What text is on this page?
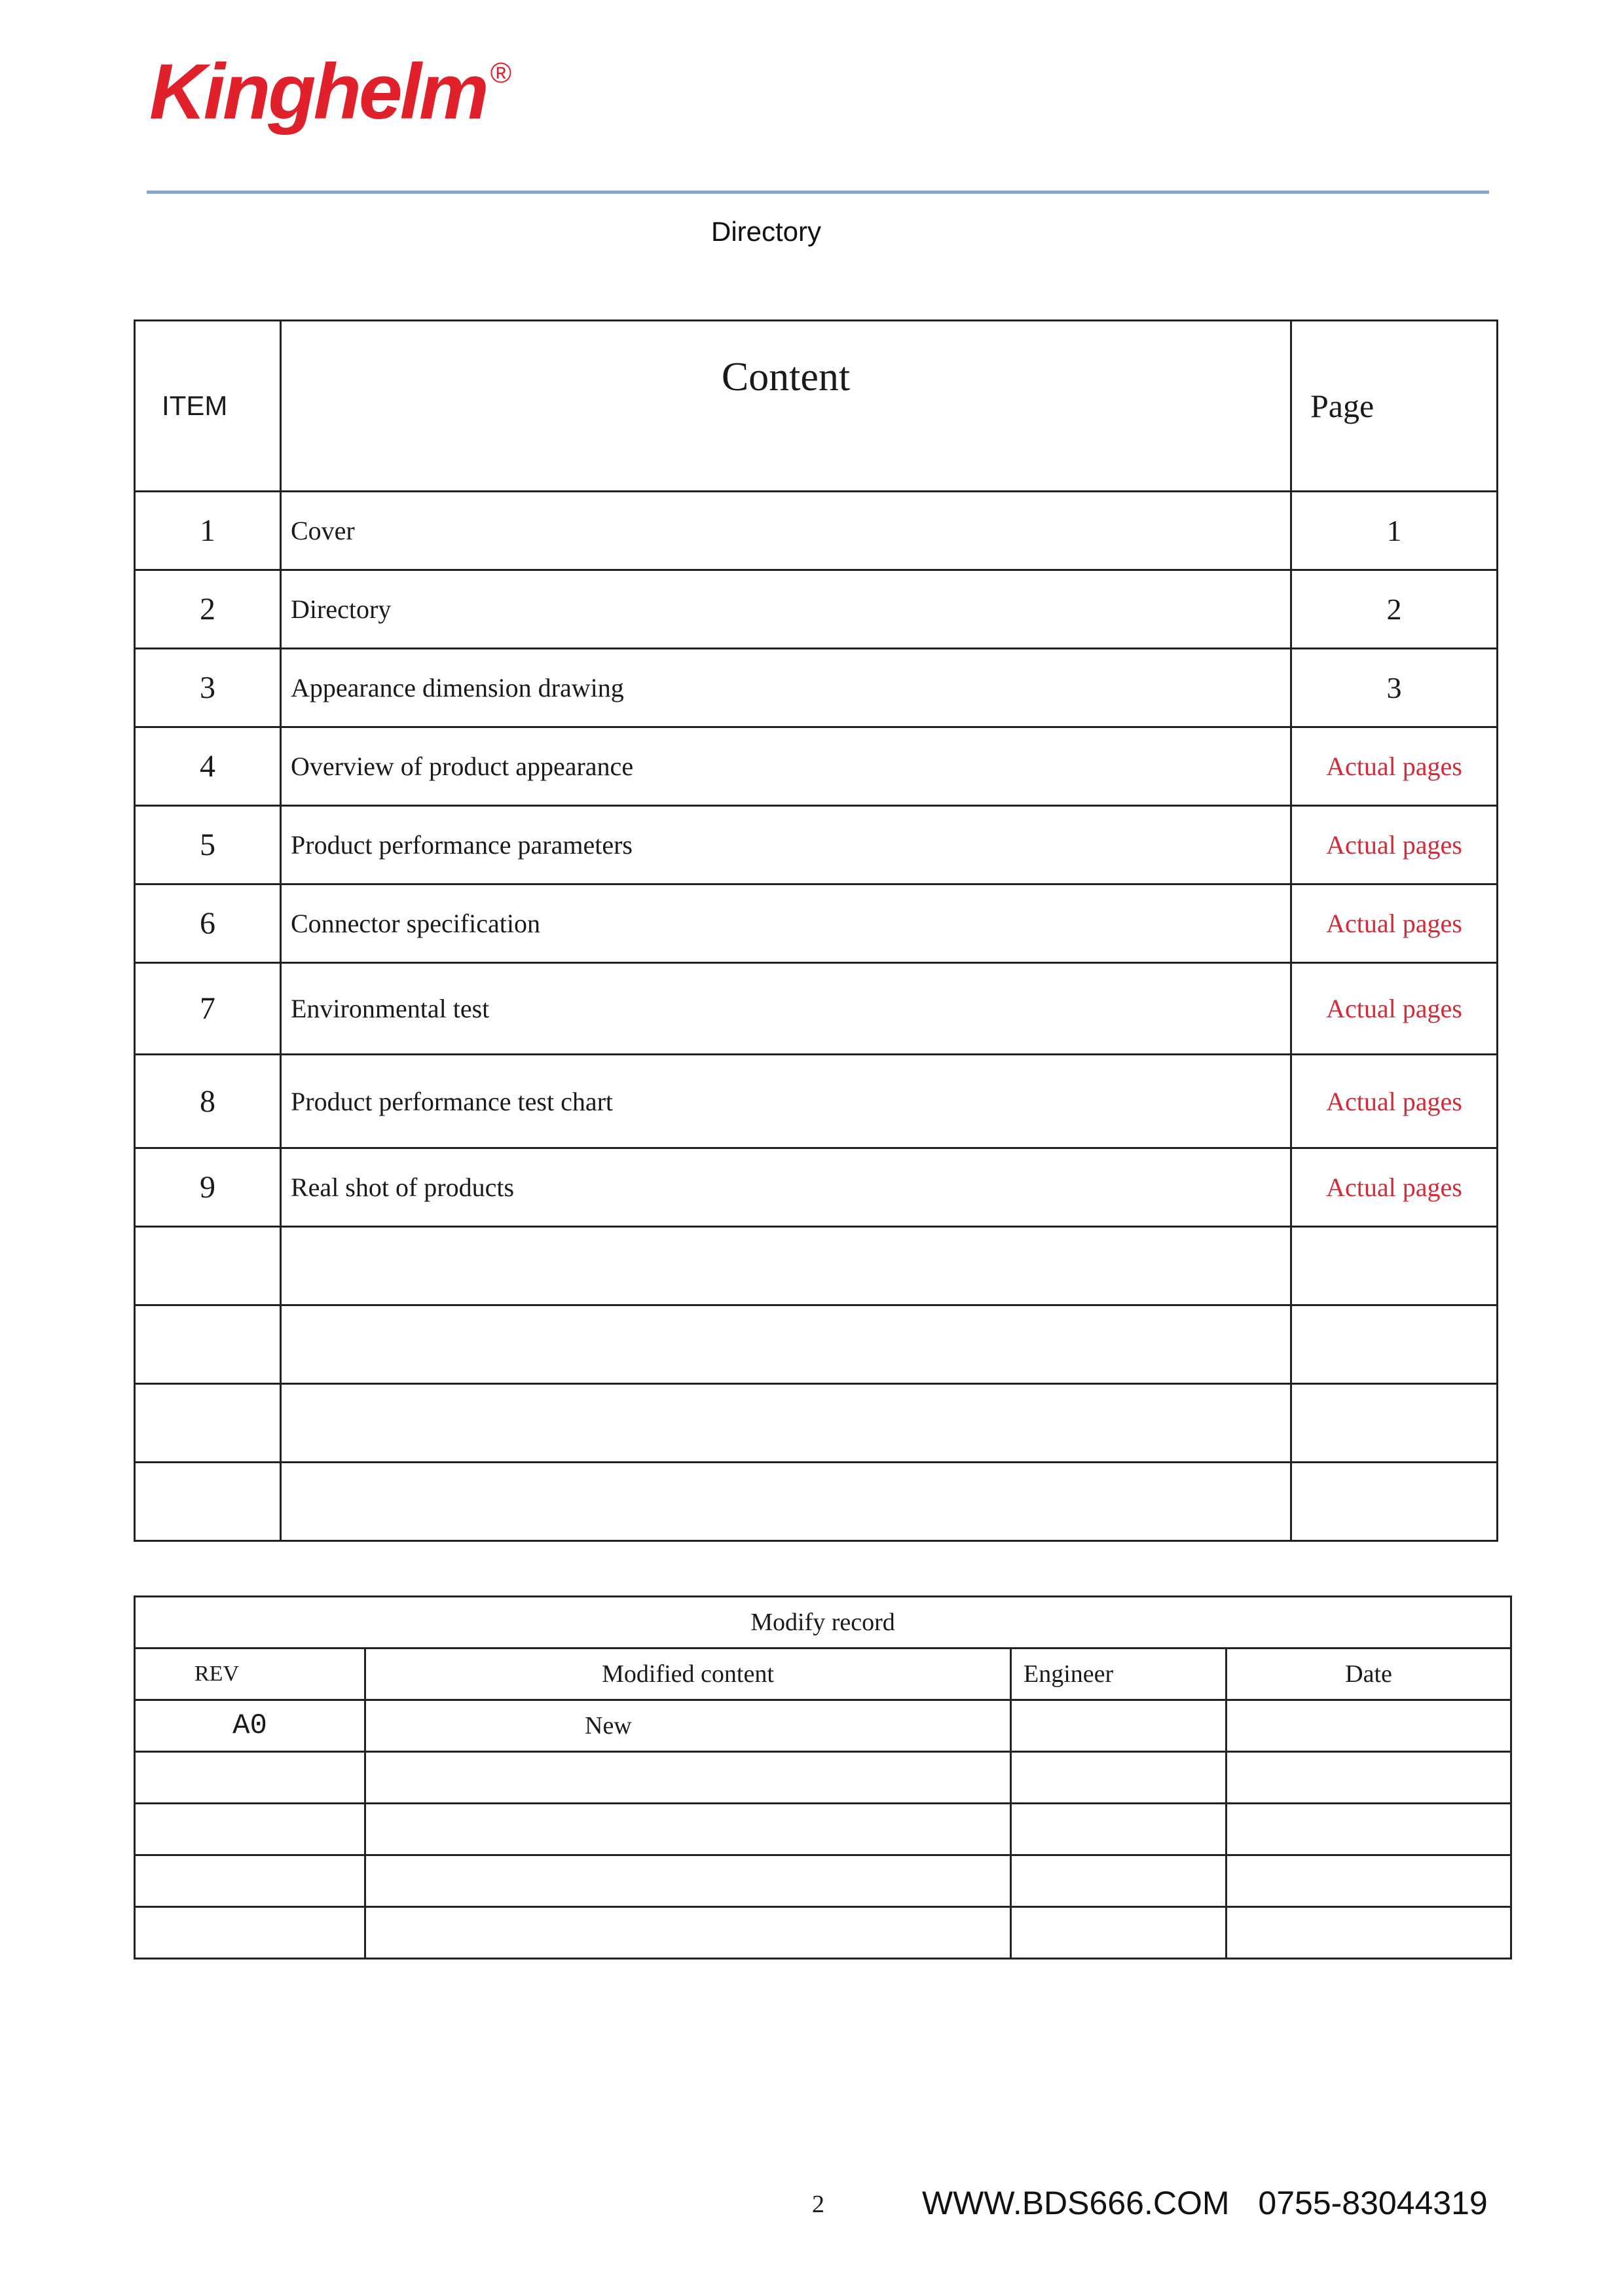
Kinghelm ®
Directory
ITEM	Content	Page
1	Cover	1
2	Directory	2
3	Appearance dimension drawing	3
4	Overview of product appearance	Actual pages
5	Product performance parameters	Actual pages
6	Connector specification	Actual pages
7	Environmental test	Actual pages
8	Product performance test chart	Actual pages
9	Real shot of products	Actual pages

Modify record			
REV	Modified content	Engineer	Date
A0	New		

2	WWW.BDS666.COM 0755-83044319
